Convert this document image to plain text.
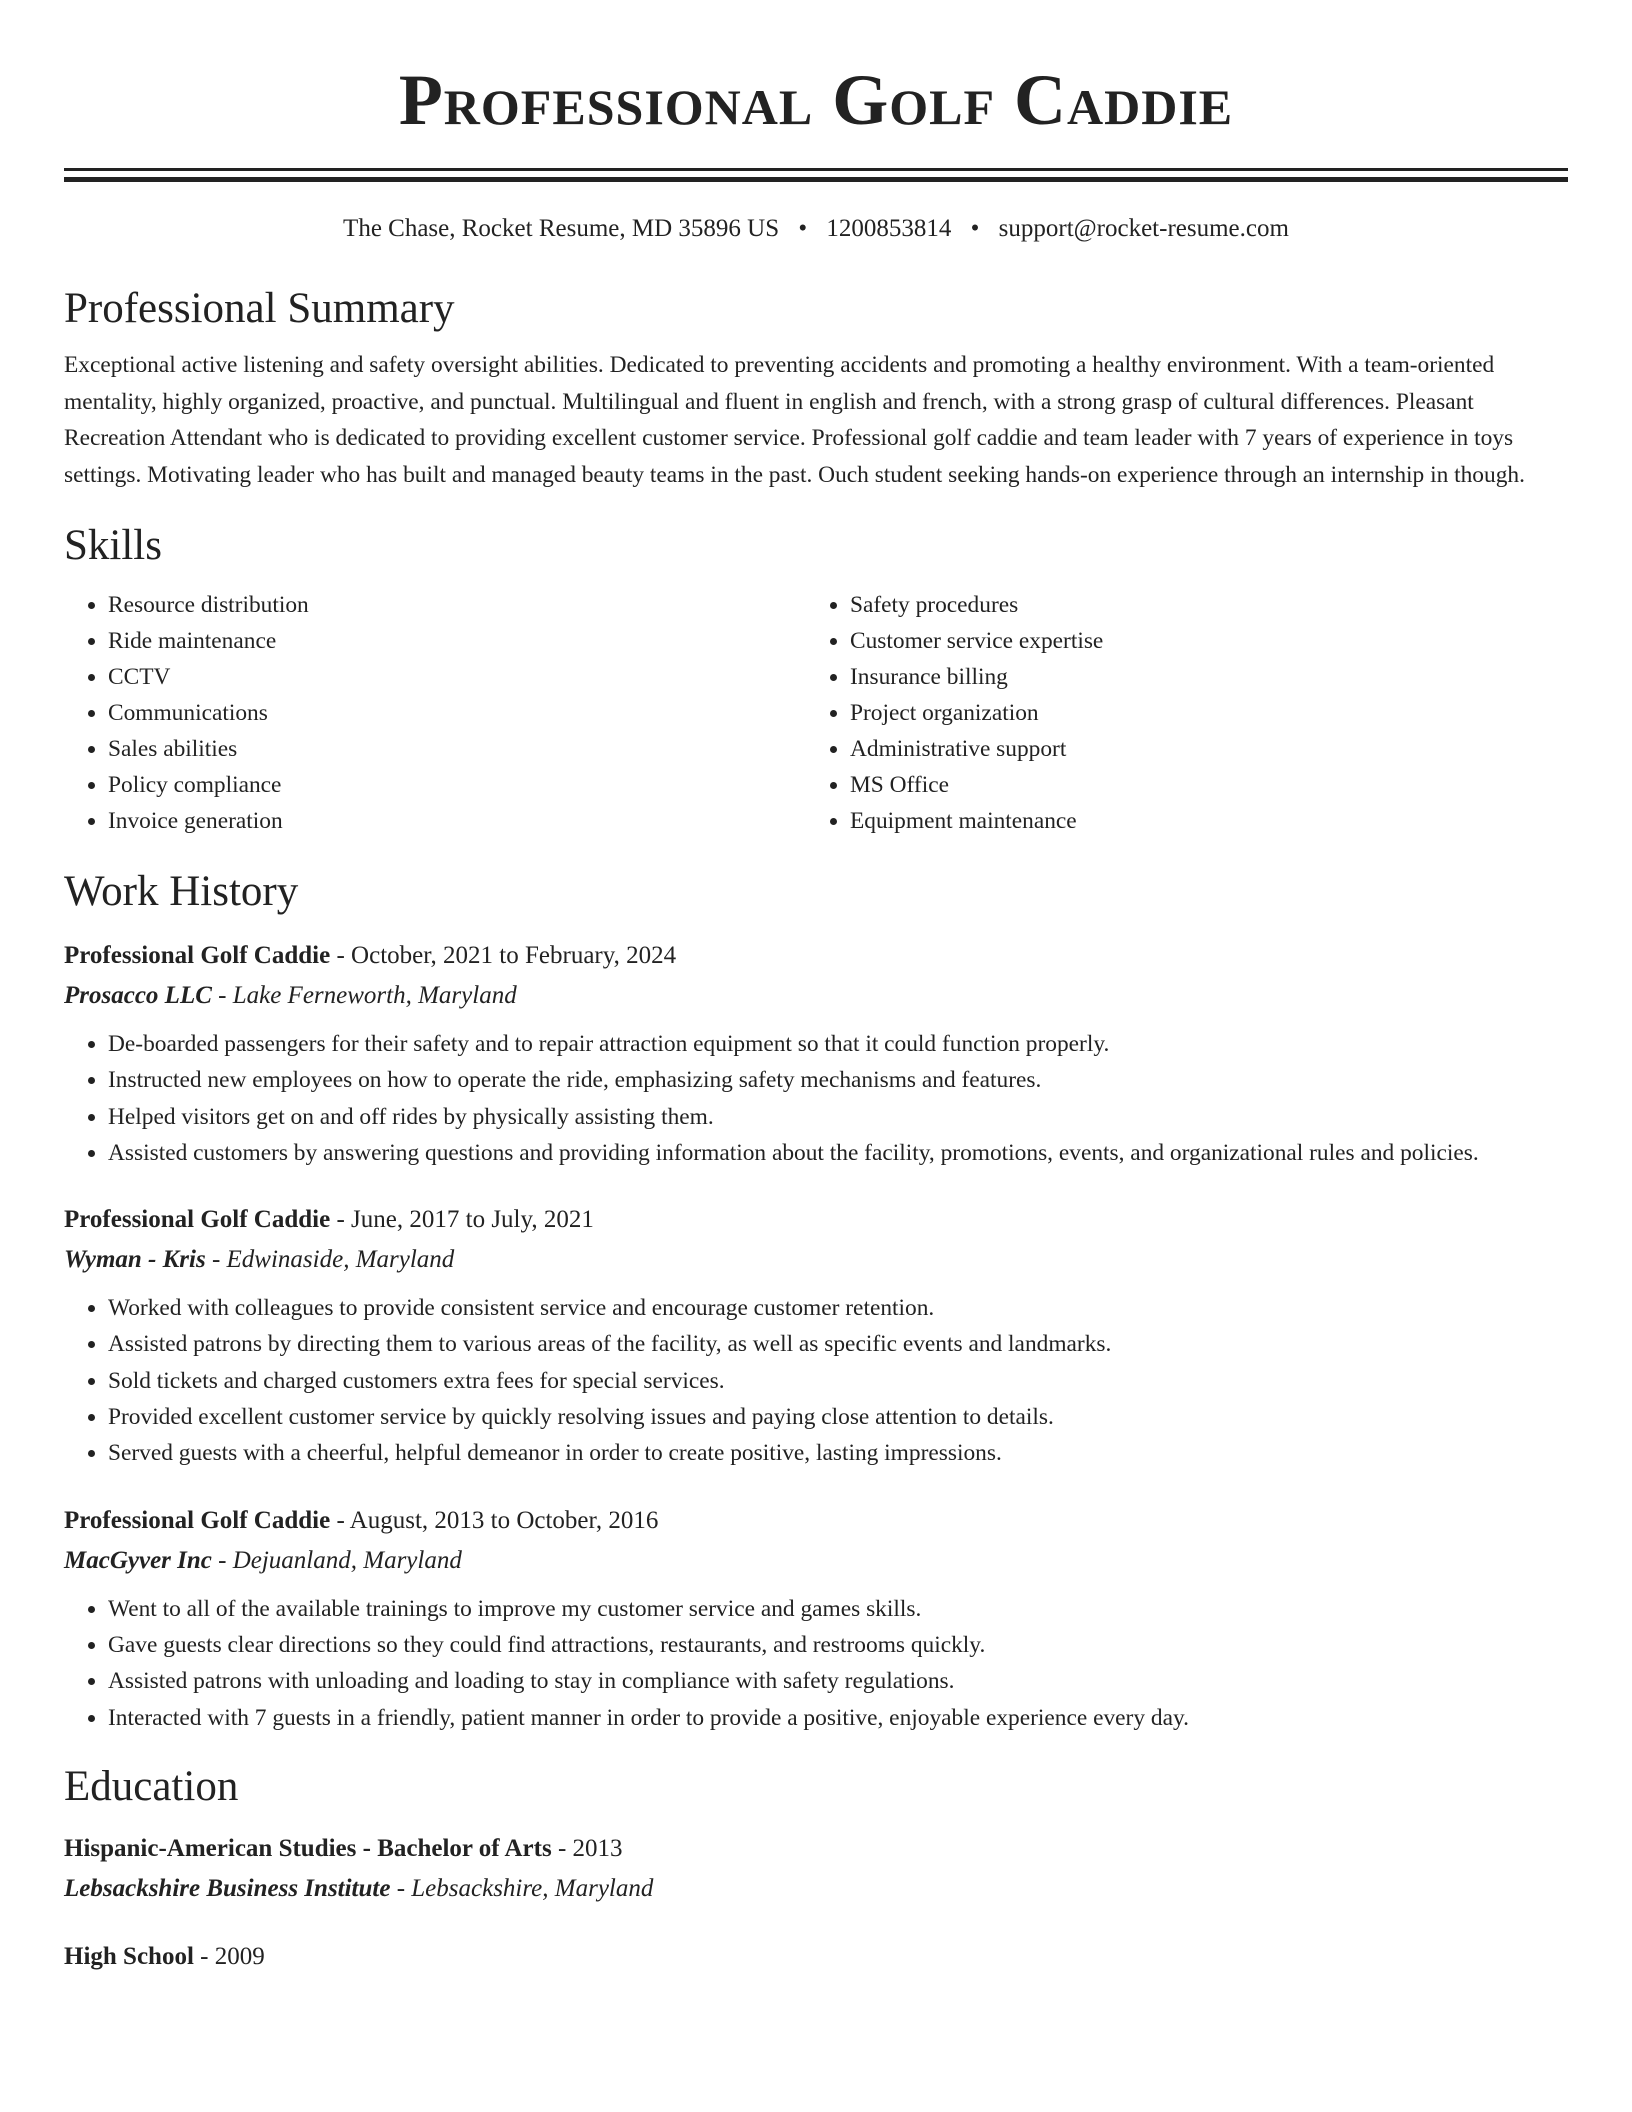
Professional Golf Caddie
The Chase, Rocket Resume, MD 35896 US • 1200853814 • support@rocket-resume.com
Professional Summary

Exceptional active listening and safety oversight abilities. Dedicated to preventing accidents and promoting a healthy environment. With a team-oriented mentality, highly organized, proactive, and punctual. Multilingual and fluent in english and french, with a strong grasp of cultural differences. Pleasant Recreation Attendant who is dedicated to providing excellent customer service. Professional golf caddie and team leader with 7 years of experience in toys settings. Motivating leader who has built and managed beauty teams in the past. Ouch student seeking hands-on experience through an internship in though.

Skills
• Resource distribution
• Ride maintenance
• CCTV
• Communications
• Sales abilities
• Policy compliance
• Invoice generation
• Safety procedures
• Customer service expertise
• Insurance billing
• Project organization
• Administrative support
• MS Office
• Equipment maintenance
Work History
Professional Golf Caddie - October, 2021 to February, 2024
Prosacco LLC - Lake Ferneworth, Maryland
• De-boarded passengers for their safety and to repair attraction equipment so that it could function properly.
• Instructed new employees on how to operate the ride, emphasizing safety mechanisms and features.
• Helped visitors get on and off rides by physically assisting them.
• Assisted customers by answering questions and providing information about the facility, promotions, events, and organizational rules and policies.
Professional Golf Caddie - June, 2017 to July, 2021
Wyman - Kris - Edwinaside, Maryland
• Worked with colleagues to provide consistent service and encourage customer retention.
• Assisted patrons by directing them to various areas of the facility, as well as specific events and landmarks.
• Sold tickets and charged customers extra fees for special services.
• Provided excellent customer service by quickly resolving issues and paying close attention to details.
• Served guests with a cheerful, helpful demeanor in order to create positive, lasting impressions.
Professional Golf Caddie - August, 2013 to October, 2016
MacGyver Inc - Dejuanland, Maryland
• Went to all of the available trainings to improve my customer service and games skills.
• Gave guests clear directions so they could find attractions, restaurants, and restrooms quickly.
• Assisted patrons with unloading and loading to stay in compliance with safety regulations.
• Interacted with 7 guests in a friendly, patient manner in order to provide a positive, enjoyable experience every day.
Education
Hispanic-American Studies - Bachelor of Arts - 2013
Lebsackshire Business Institute - Lebsackshire, Maryland
High School - 2009
